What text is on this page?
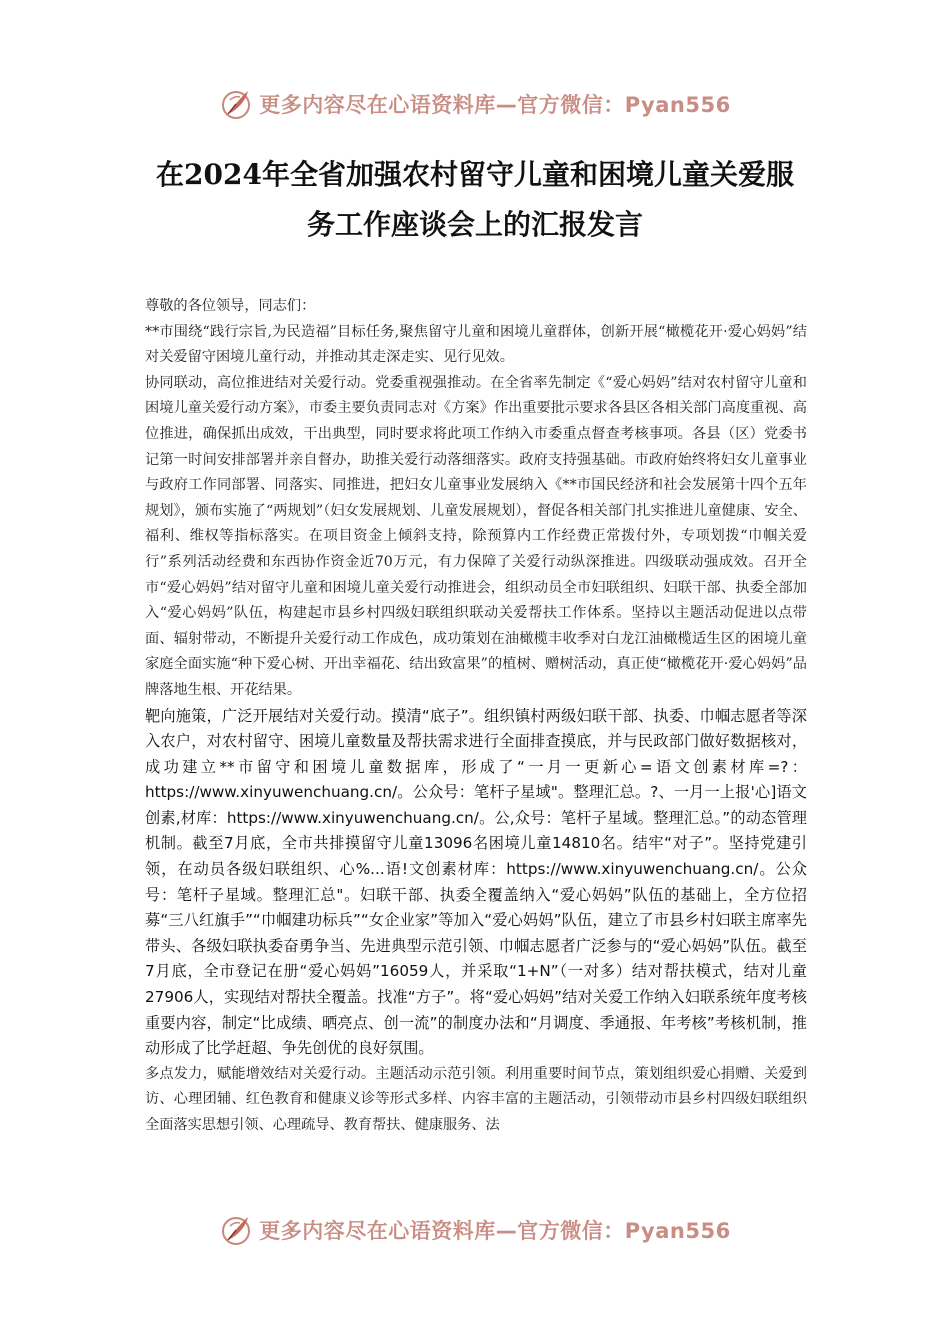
更多内容尽在心语资料库—官方微信：Pyan556
在2024年全省加强农村留守儿童和困境儿童关爱服
务工作座谈会上的汇报发言

尊敬的各位领导，同志们：

**市围绕“践行宗旨,为民造福”目标任务,聚焦留守儿童和困境儿童群体，创新开展“橄榄花开·爱心妈妈”结对关爱留守困境儿童行动，并推动其走深走实、见行见效。

协同联动，高位推进结对关爱行动。党委重视强推动。在全省率先制定《“爱心妈妈”结对农村留守儿童和困境儿童关爱行动方案》，市委主要负责同志对《方案》作出重要批示要求各县区各相关部门高度重视、高位推进，确保抓出成效，干出典型，同时要求将此项工作纳入市委重点督查考核事项。各县（区）党委书记第一时间安排部署并亲自督办，助推关爱行动落细落实。政府支持强基础。市政府始终将妇女儿童事业与政府工作同部署、同落实、同推进，把妇女儿童事业发展纳入《**市国民经济和社会发展第十四个五年规划》，颁布实施了“两规划”（妇女发展规划、儿童发展规划），督促各相关部门扎实推进儿童健康、安全、福利、维权等指标落实。在项目资金上倾斜支持，除预算内工作经费正常拨付外，专项划拨“巾帼关爱行”系列活动经费和东西协作资金近70万元，有力保障了关爱行动纵深推进。四级联动强成效。召开全市“爱心妈妈”结对留守儿童和困境儿童关爱行动推进会，组织动员全市妇联组织、妇联干部、执委全部加入“爱心妈妈”队伍，构建起市县乡村四级妇联组织联动关爱帮扶工作体系。坚持以主题活动促进以点带面、辐射带动，不断提升关爱行动工作成色，成功策划在油橄榄丰收季对白龙江油橄榄适生区的困境儿童家庭全面实施“种下爱心树、开出幸福花、结出致富果”的植树、赠树活动，真正使“橄榄花开·爱心妈妈”品牌落地生根、开花结果。

靶向施策，广泛开展结对关爱行动。摸清“底子”。组织镇村两级妇联干部、执委、巾帼志愿者等深入农户，对农村留守、困境儿童数量及帮扶需求进行全面排查摸底，并与民政部门做好数据核对，成功建立**市留守和困境儿童数据库，形成了“一月一更新心=语文创素材库=?：https://www.xinyuwenchuang.cn/。公众号：笔杆子星域"。整理汇总。?、一月一上报'心]语文创素,材库：https://www.xinyuwenchuang.cn/。公,众号：笔杆子星域。整理汇总。”的动态管理机制。截至7月底，全市共排摸留守儿童13096名困境儿童14810名。结牢“对子”。坚持党建引领，在动员各级妇联组织、心%...语!文创素材库：https://www.xinyuwenchuang.cn/。公众号：笔杆子星域。整理汇总"。妇联干部、执委全覆盖纳入“爱心妈妈”队伍的基础上，全方位招募“三八红旗手”“巾帼建功标兵”“女企业家”等加入“爱心妈妈”队伍，建立了市县乡村妇联主席率先带头、各级妇联执委奋勇争当、先进典型示范引领、巾帼志愿者广泛参与的“爱心妈妈”队伍。截至7月底，全市登记在册“爱心妈妈”16059人，并采取“1+N”（一对多）结对帮扶模式，结对儿童27906人，实现结对帮扶全覆盖。找准“方子”。将“爱心妈妈”结对关爱工作纳入妇联系统年度考核重要内容，制定“比成绩、晒亮点、创一流”的制度办法和“月调度、季通报、年考核”考核机制，推动形成了比学赶超、争先创优的良好氛围。

多点发力，赋能增效结对关爱行动。主题活动示范引领。利用重要时间节点，策划组织爱心捐赠、关爱到访、心理团辅、红色教育和健康义诊等形式多样、内容丰富的主题活动，引领带动市县乡村四级妇联组织全面落实思想引领、心理疏导、教育帮扶、健康服务、法

更多内容尽在心语资料库—官方微信：Pyan556
